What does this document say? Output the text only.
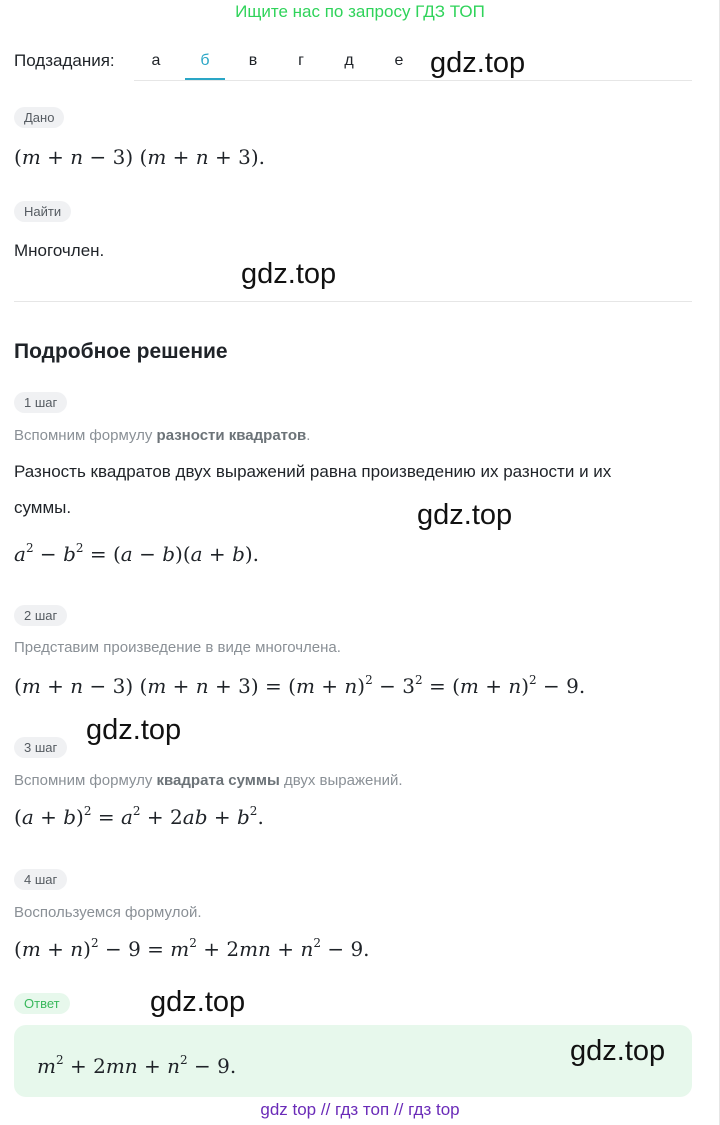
Ищите нас по запросу ГДЗ ТОП
Подзадания:	а	б	в	г	д	е
Дано
(m + n − 3) (m + n + 3).
Найти
Многочлен.
Подробное решение
1 шаг
Вспомним формулу разности квадратов.
Разность квадратов двух выражений равна произведению их разности и их
суммы.
$a^2 - b^2 = (a - b)(a + b)$.
2 шаг
Представим произведение в виде многочлена.
(m + n − 3) $(m + n + 3) = (m + n)^2 - 3^2 = (m + n)^2 - 9$.
3 шаг
Вспомним формулу квадрата суммы двух выражений.
$(a + b)^2 = a^2 + 2ab + b^2$.
4 шаг
Воспользуемся формулой.
$(m + n)^2 - 9 = m^2 + 2mn + n^2 - 9$.
Ответ
$m^2 + 2mn + n^2 - 9$.
gdz.top
gdz.top
gdz.top
gdz.top
gdz.top
gdz.top
gdz top // гдз топ // гдз top
